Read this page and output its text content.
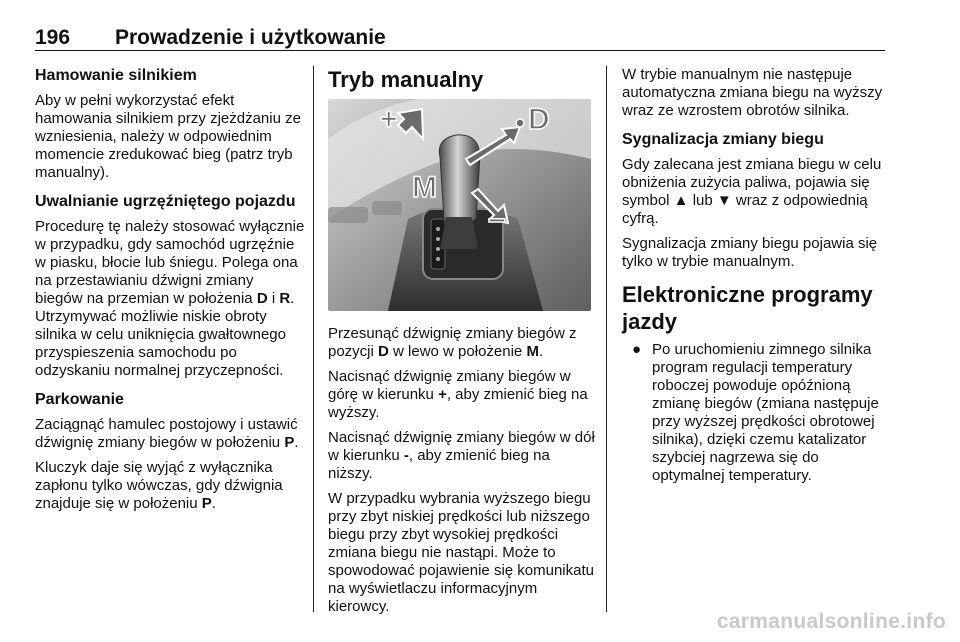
196 Prowadzenie i użytkowanie
Hamowanie silnikiem

Aby w pełni wykorzystać efekt hamowania silnikiem przy zjeżdżaniu ze wzniesienia, należy w odpowiednim momencie zredukować bieg (patrz tryb manualny).

Uwalnianie ugrzęźniętego pojazdu

Procedurę tę należy stosować wyłącznie w przypadku, gdy samochód ugrzęźnie w piasku, błocie lub śniegu. Polega ona na przestawianiu dźwigni zmiany biegów na przemian w położenia D i R. Utrzymywać możliwie niskie obroty silnika w celu uniknięcia gwałtownego przyspieszenia samochodu po odzyskaniu normalnej przyczepności.

Parkowanie

Zaciągnąć hamulec postojowy i ustawić dźwignię zmiany biegów w położeniu P.

Kluczyk daje się wyjąć z wyłącznika zapłonu tylko wówczas, gdy dźwignia znajduje się w położeniu P.

Tryb manualny
+
–
D
M

Przesunąć dźwignię zmiany biegów z pozycji D w lewo w położenie M.

Nacisnąć dźwignię zmiany biegów w górę w kierunku +, aby zmienić bieg na wyższy.

Nacisnąć dźwignię zmiany biegów w dół w kierunku -, aby zmienić bieg na niższy.

W przypadku wybrania wyższego biegu przy zbyt niskiej prędkości lub niższego biegu przy zbyt wysokiej prędkości zmiana biegu nie nastąpi. Może to spowodować pojawienie się komunikatu na wyświetlaczu informacyjnym kierowcy.

W trybie manualnym nie następuje automatyczna zmiana biegu na wyższy wraz ze wzrostem obrotów silnika.

Sygnalizacja zmiany biegu

Gdy zalecana jest zmiana biegu w celu obniżenia zużycia paliwa, pojawia się symbol ▲ lub ▼ wraz z odpowiednią cyfrą.

Sygnalizacja zmiany biegu pojawia się tylko w trybie manualnym.

Elektroniczne programy jazdy
● Po uruchomieniu zimnego silnika program regulacji temperatury roboczej powoduje opóźnioną zmianę biegów (zmiana następuje przy wyższej prędkości obrotowej silnika), dzięki czemu katalizator szybciej nagrzewa się do optymalnej temperatury.
carmanualsonline.info
